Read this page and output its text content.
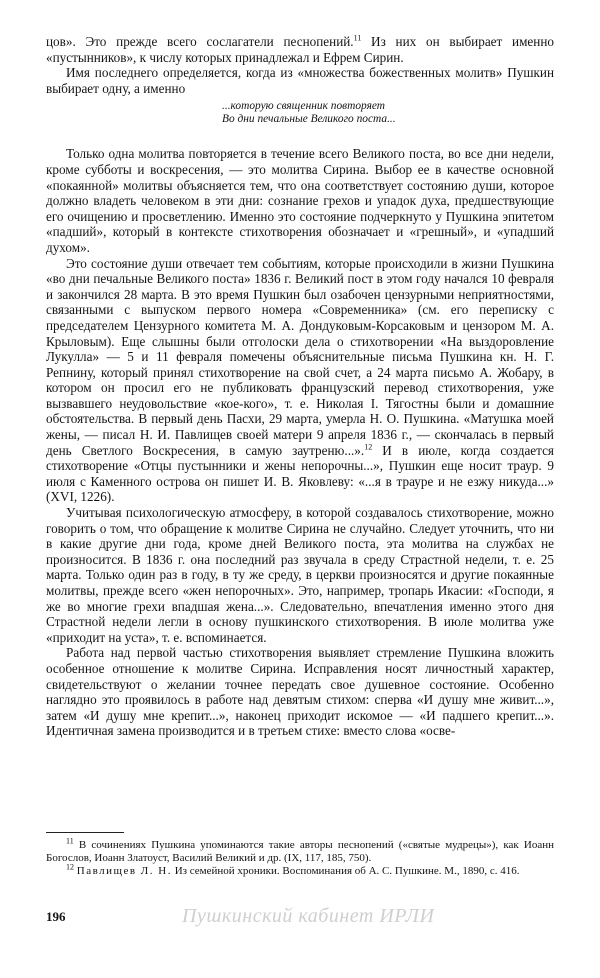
цов». Это прежде всего сослагатели песнопений.$^{11}$ Из них он выбирает именно «пустынников», к числу которых принадлежал и Ефрем Сирин.

Имя последнего определяется, когда из «множества божественных молитв» Пушкин выбирает одну, а именно

...которую священник повторяет
Во дни печальные Великого поста...

Только одна молитва повторяется в течение всего Великого поста, во все дни недели, кроме субботы и воскресения, — это молитва Сирина. Выбор ее в качестве основной «покаянной» молитвы объясняется тем, что она соответствует состоянию души, которое должно владеть человеком в эти дни: сознание грехов и упадок духа, предшествующие его очищению и просветлению. Именно это состояние подчеркнуто у Пушкина эпитетом «падший», который в контексте стихотворения обозначает и «грешный», и «упадший духом».

Это состояние души отвечает тем событиям, которые происходили в жизни Пушкина «во дни печальные Великого поста» 1836 г. Великий пост в этом году начался 10 февраля и закончился 28 марта. В это время Пушкин был озабочен цензурными неприятностями, связанными с выпуском первого номера «Современника» (см. его переписку с председателем Цензурного комитета М. А. Дондуковым-Корсаковым и цензором М. А. Крыловым). Еще слышны были отголоски дела о стихотворении «На выздоровление Лукулла» — 5 и 11 февраля помечены объяснительные письма Пушкина кн. Н. Г. Репнину, который принял стихотворение на свой счет, а 24 марта письмо А. Жобару, в котором он просил его не публиковать французский перевод стихотворения, уже вызвавшего неудовольствие «кое-кого», т. е. Николая I. Тягостны были и домашние обстоятельства. В первый день Пасхи, 29 марта, умерла Н. О. Пушкина. «Матушка моей жены, — писал Н. И. Павлищев своей матери 9 апреля 1836 г., — скончалась в первый день Светлого Воскресения, в самую заутреню...».$^{12}$ И в июле, когда создается стихотворение «Отцы пустынники и жены непорочны...», Пушкин еще носит траур. 9 июля с Каменного острова он пишет И. В. Яковлеву: «...я в трауре и не езжу никуда...» (XVI, 1226).

Учитывая психологическую атмосферу, в которой создавалось стихотворение, можно говорить о том, что обращение к молитве Сирина не случайно. Следует уточнить, что ни в какие другие дни года, кроме дней Великого поста, эта молитва на службах не произносится. В 1836 г. она последний раз звучала в среду Страстной недели, т. е. 25 марта. Только один раз в году, в ту же среду, в церкви произносятся и другие покаянные молитвы, прежде всего «жен непорочных». Это, например, тропарь Икасии: «Господи, я же во многие грехи впадшая жена...». Следовательно, впечатления именно этого дня Страстной недели легли в основу пушкинского стихотворения. В июле молитва уже «приходит на уста», т. е. вспоминается.

Работа над первой частью стихотворения выявляет стремление Пушкина вложить особенное отношение к молитве Сирина. Исправления носят личностный характер, свидетельствуют о желании точнее передать свое душевное состояние. Особенно наглядно это проявилось в работе над девятым стихом: сперва «И душу мне живит...», затем «И душу мне крепит...», наконец приходит искомое — «И падшего крепит...». Идентичная замена производится и в третьем стихе: вместо слова «осве-

$^{11}$ В сочинениях Пушкина упоминаются такие авторы песнопений («святые мудрецы»), как Иоанн Богослов, Иоанн Златоуст, Василий Великий и др. (IX, 117, 185, 750).

$^{12}$ Павлищев Л. Н. Из семейной хроники. Воспоминания об А. С. Пушкине. М., 1890, с. 416.

196	Пушкинский кабинет ИРЛИ
